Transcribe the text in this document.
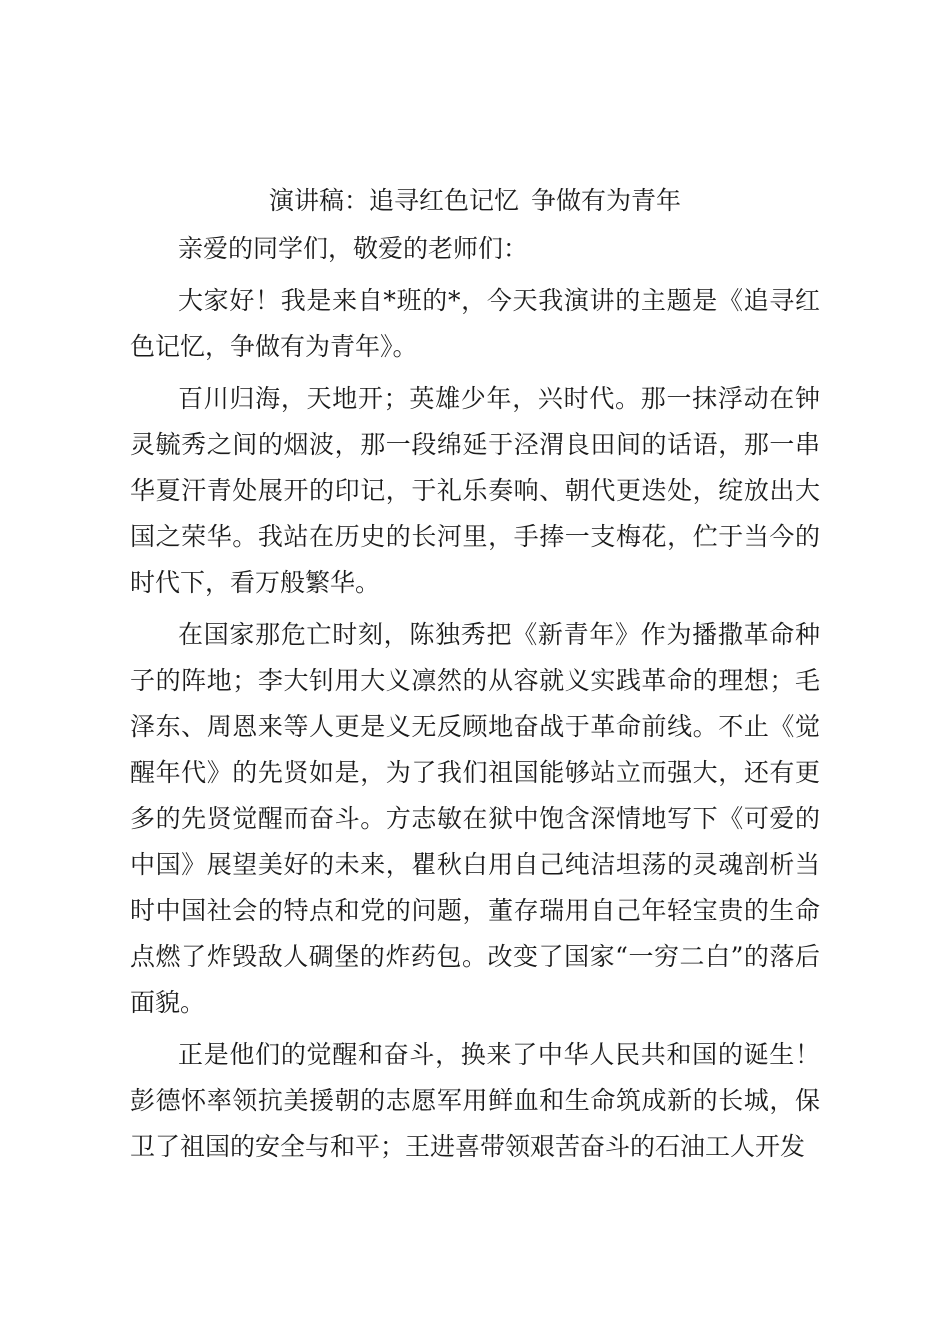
演讲稿：追寻红色记忆 争做有为青年
亲爱的同学们，敬爱的老师们：
大家好！我是来自*班的*，今天我演讲的主题是《追寻红色记忆，争做有为青年》。
百川归海，天地开；英雄少年，兴时代。那一抹浮动在钟灵毓秀之间的烟波，那一段绵延于泾渭良田间的话语，那一串华夏汗青处展开的印记，于礼乐奏响、朝代更迭处，绽放出大国之荣华。我站在历史的长河里，手捧一支梅花，伫于当今的时代下，看万般繁华。
在国家那危亡时刻，陈独秀把《新青年》作为播撒革命种子的阵地；李大钊用大义凛然的从容就义实践革命的理想；毛泽东、周恩来等人更是义无反顾地奋战于革命前线。不止《觉醒年代》的先贤如是，为了我们祖国能够站立而强大，还有更多的先贤觉醒而奋斗。方志敏在狱中饱含深情地写下《可爱的中国》展望美好的未来，瞿秋白用自己纯洁坦荡的灵魂剖析当时中国社会的特点和党的问题，董存瑞用自己年轻宝贵的生命点燃了炸毁敌人碉堡的炸药包。改变了国家“一穷二白”的落后面貌。
正是他们的觉醒和奋斗，换来了中华人民共和国的诞生！彭德怀率领抗美援朝的志愿军用鲜血和生命筑成新的长城，保卫了祖国的安全与和平；王进喜带领艰苦奋斗的石油工人开发
